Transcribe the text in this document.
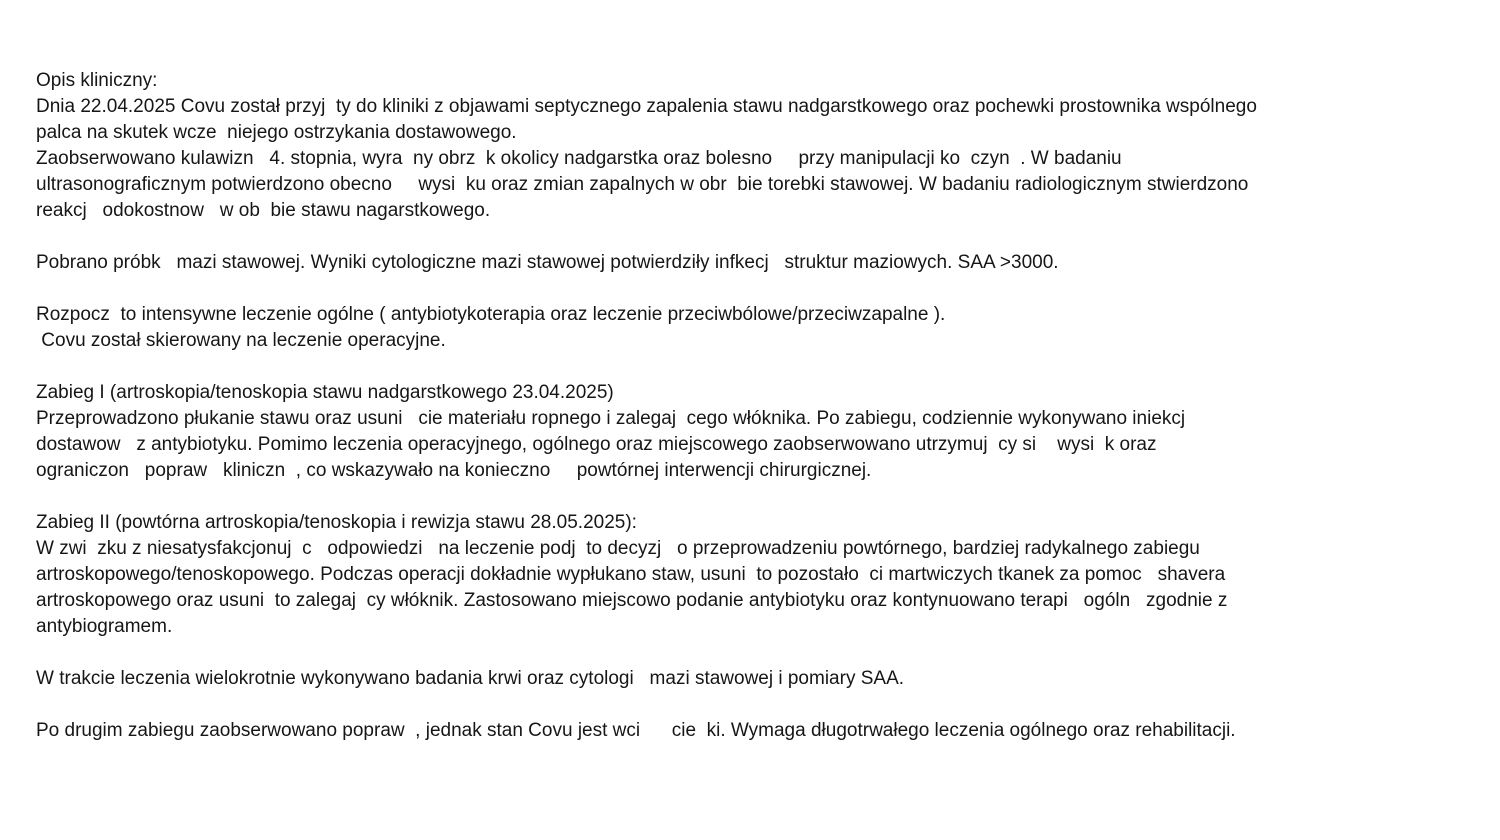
Opis kliniczny:
Dnia 22.04.2025 Covu został przyj  ty do kliniki z objawami septycznego zapalenia stawu nadgarstkowego oraz pochewki prostownika wspólnego
palca na skutek wcze  niejego ostrzykania dostawowego.
Zaobserwowano kulawizn   4. stopnia, wyra  ny obrz  k okolicy nadgarstka oraz bolesno     przy manipulacji ko  czyn  . W badaniu
ultrasonograficznym potwierdzono obecno     wysi  ku oraz zmian zapalnych w obr  bie torebki stawowej. W badaniu radiologicznym stwierdzono
reakcj   odokostnow   w ob  bie stawu nagarstkowego.
Pobrano próbk   mazi stawowej. Wyniki cytologiczne mazi stawowej potwierdziły infkecj   struktur maziowych. SAA >3000.
Rozpocz  to intensywne leczenie ogólne ( antybiotykoterapia oraz leczenie przeciwbólowe/przeciwzapalne ).
Covu został skierowany na leczenie operacyjne.
Zabieg I (artroskopia/tenoskopia stawu nadgarstkowego 23.04.2025)
Przeprowadzono płukanie stawu oraz usuni   cie materiału ropnego i zalegaj  cego włóknika. Po zabiegu, codziennie wykonywano iniekcj
dostawow   z antybiotyku. Pomimo leczenia operacyjnego, ogólnego oraz miejscowego zaobserwowano utrzymuj  cy si    wysi  k oraz
ograniczon   popraw   kliniczn  , co wskazywało na konieczno     powtórnej interwencji chirurgicznej.
Zabieg II (powtórna artroskopia/tenoskopia i rewizja stawu 28.05.2025):
W zwi  zku z niesatysfakcjonuj  c   odpowiedzi   na leczenie podj  to decyzj   o przeprowadzeniu powtórnego, bardziej radykalnego zabiegu
artroskopowego/tenoskopowego. Podczas operacji dokładnie wypłukano staw, usuni  to pozostało  ci martwiczych tkanek za pomoc   shavera
artroskopowego oraz usuni  to zalegaj  cy włóknik. Zastosowano miejscowo podanie antybiotyku oraz kontynuowano terapi   ogóln   zgodnie z
antybiogramem.
W trakcie leczenia wielokrotnie wykonywano badania krwi oraz cytologi   mazi stawowej i pomiary SAA.
Po drugim zabiegu zaobserwowano popraw  , jednak stan Covu jest wci      cie  ki. Wymaga długotrwałego leczenia ogólnego oraz rehabilitacji.
